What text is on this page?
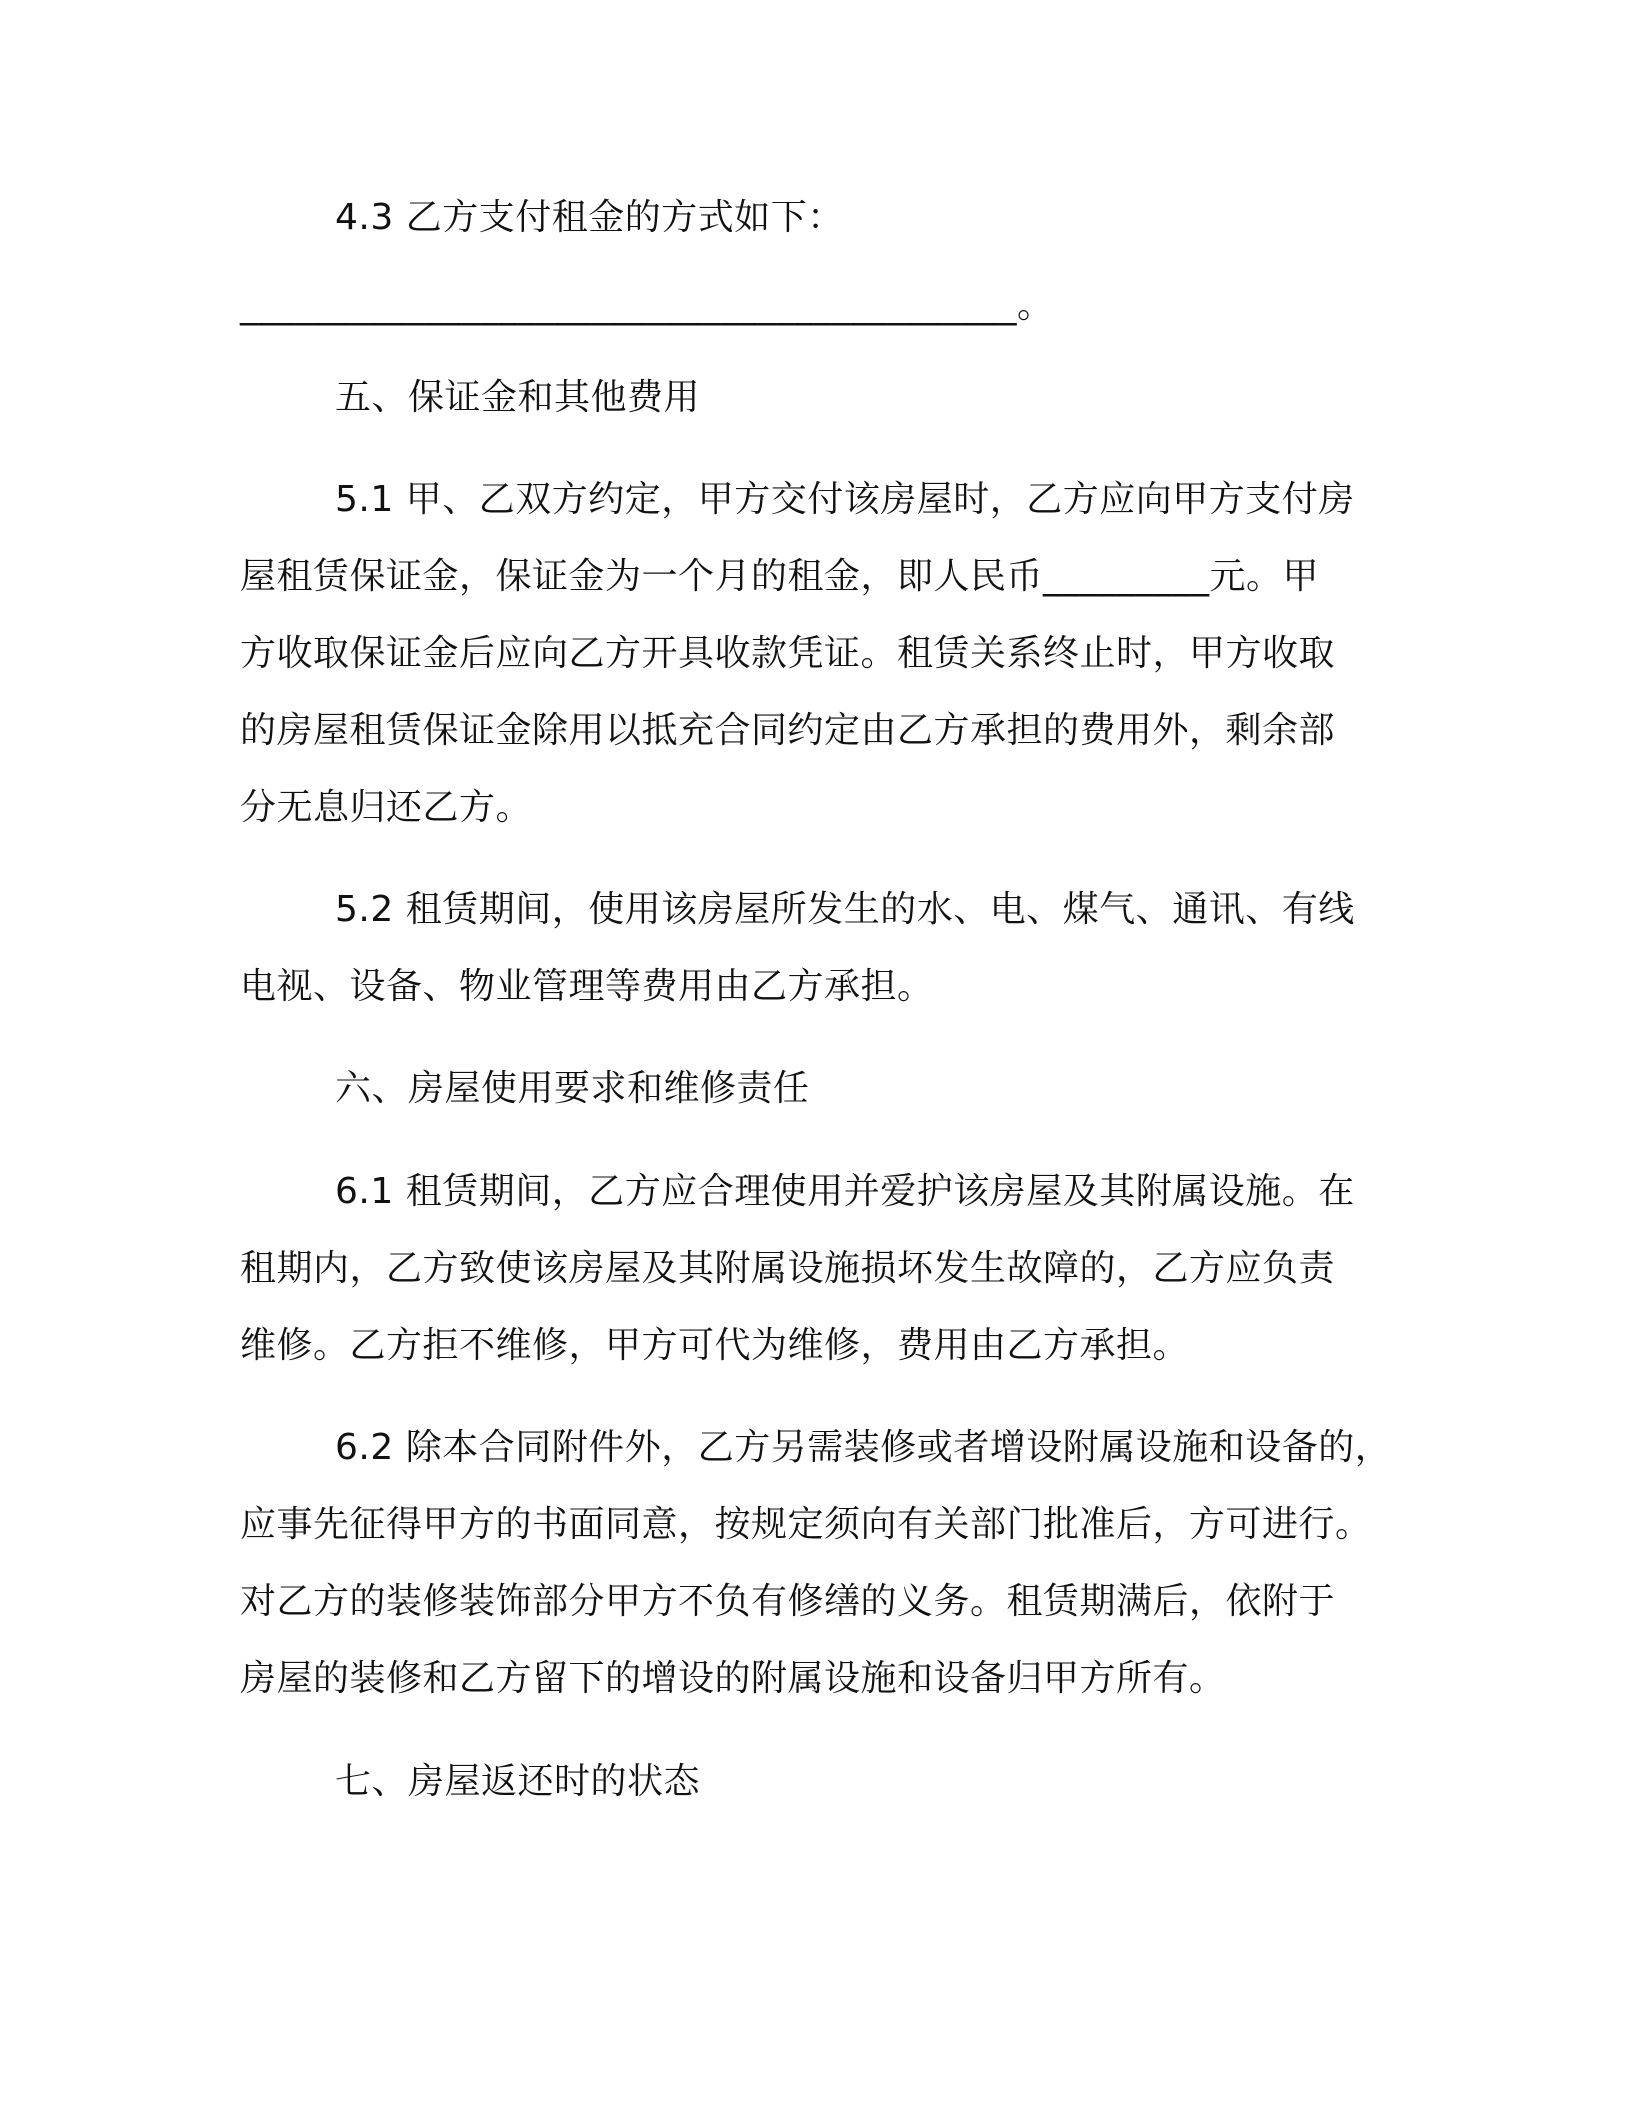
4.3 乙方支付租金的方式如下：
__________________________________________。
五、保证金和其他费用
5.1 甲、乙双方约定，甲方交付该房屋时，乙方应向甲方支付房
屋租赁保证金，保证金为一个月的租金，即人民币_________元。甲
方收取保证金后应向乙方开具收款凭证。租赁关系终止时，甲方收取
的房屋租赁保证金除用以抵充合同约定由乙方承担的费用外，剩余部
分无息归还乙方。
5.2 租赁期间，使用该房屋所发生的水、电、煤气、通讯、有线
电视、设备、物业管理等费用由乙方承担。
六、房屋使用要求和维修责任
6.1 租赁期间，乙方应合理使用并爱护该房屋及其附属设施。在
租期内，乙方致使该房屋及其附属设施损坏发生故障的，乙方应负责
维修。乙方拒不维修，甲方可代为维修，费用由乙方承担。
6.2 除本合同附件外，乙方另需装修或者增设附属设施和设备的，
应事先征得甲方的书面同意，按规定须向有关部门批准后，方可进行。
对乙方的装修装饰部分甲方不负有修缮的义务。租赁期满后，依附于
房屋的装修和乙方留下的增设的附属设施和设备归甲方所有。
七、房屋返还时的状态
